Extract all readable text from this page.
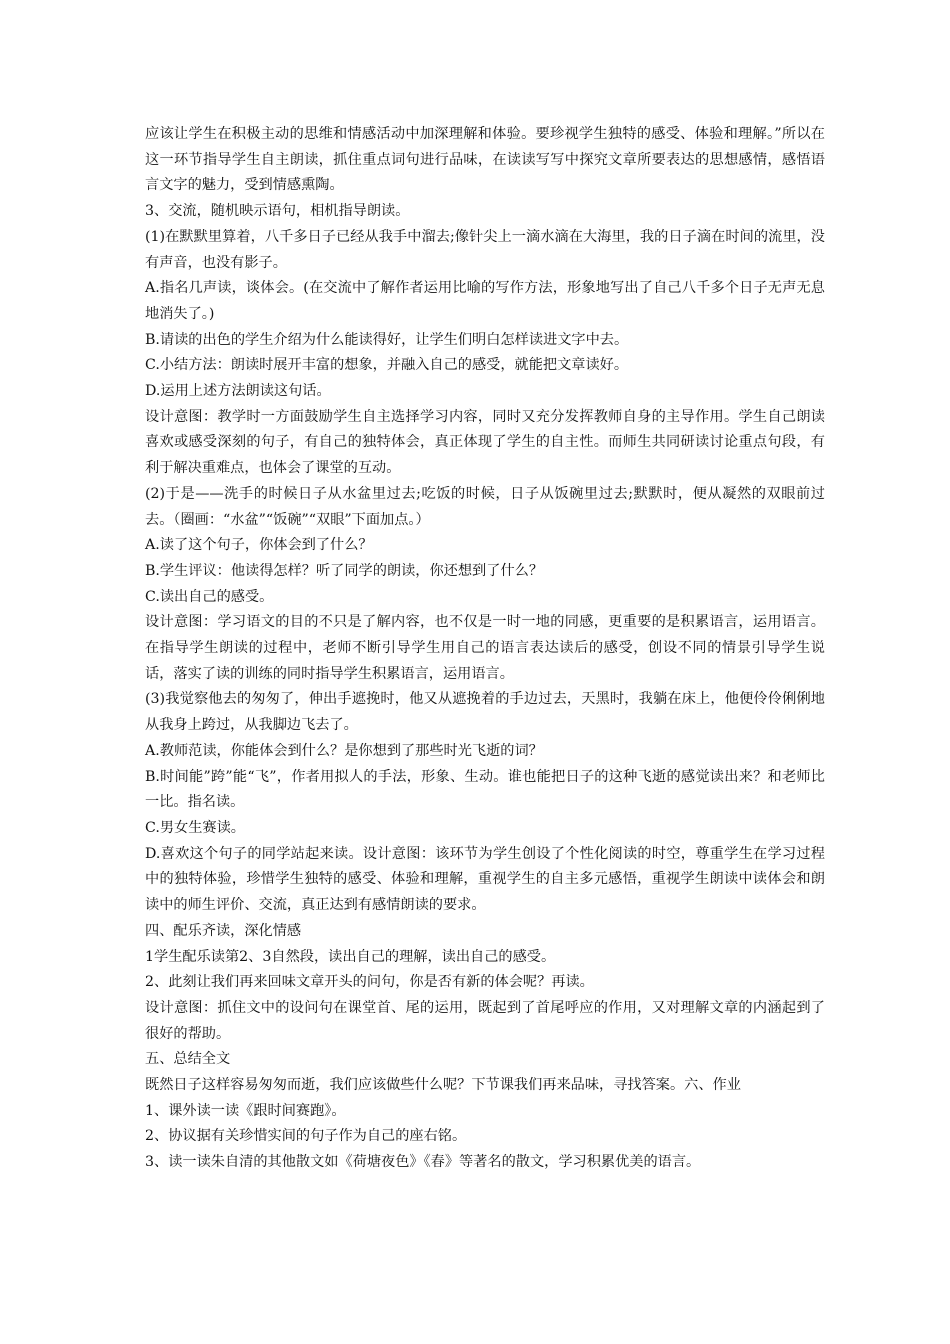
应该让学生在积极主动的思维和情感活动中加深理解和体验。要珍视学生独特的感受、体验和理解。”所以在这一环节指导学生自主朗读，抓住重点词句进行品味，在读读写写中探究文章所要表达的思想感情，感悟语言文字的魅力，受到情感熏陶。

3、交流，随机映示语句，相机指导朗读。

(1)在默默里算着，八千多日子已经从我手中溜去;像针尖上一滴水滴在大海里，我的日子滴在时间的流里，没有声音，也没有影子。

A.指名几声读，谈体会。(在交流中了解作者运用比喻的写作方法，形象地写出了自己八千多个日子无声无息地消失了。)

B.请读的出色的学生介绍为什么能读得好，让学生们明白怎样读进文字中去。

C.小结方法：朗读时展开丰富的想象，并融入自己的感受，就能把文章读好。

D.运用上述方法朗读这句话。

设计意图：教学时一方面鼓励学生自主选择学习内容，同时又充分发挥教师自身的主导作用。学生自己朗读喜欢或感受深刻的句子，有自己的独特体会，真正体现了学生的自主性。而师生共同研读讨论重点句段，有利于解决重难点，也体会了课堂的互动。

(2)于是——洗手的时候日子从水盆里过去;吃饭的时候，日子从饭碗里过去;默默时，便从凝然的双眼前过去。（圈画：“水盆”“饭碗”“双眼”下面加点。）

A.读了这个句子，你体会到了什么？

B.学生评议：他读得怎样？听了同学的朗读，你还想到了什么？

C.读出自己的感受。

设计意图：学习语文的目的不只是了解内容，也不仅是一时一地的同感，更重要的是积累语言，运用语言。在指导学生朗读的过程中，老师不断引导学生用自己的语言表达读后的感受，创设不同的情景引导学生说话，落实了读的训练的同时指导学生积累语言，运用语言。

(3)我觉察他去的匆匆了，伸出手遮挽时，他又从遮挽着的手边过去，天黑时，我躺在床上，他便伶伶俐俐地从我身上跨过，从我脚边飞去了。

A.教师范读，你能体会到什么？是你想到了那些时光飞逝的词？

B.时间能”跨”能“飞”，作者用拟人的手法，形象、生动。谁也能把日子的这种飞逝的感觉读出来？和老师比一比。指名读。

C.男女生赛读。

D.喜欢这个句子的同学站起来读。设计意图：该环节为学生创设了个性化阅读的时空，尊重学生在学习过程中的独特体验，珍惜学生独特的感受、体验和理解，重视学生的自主多元感悟，重视学生朗读中读体会和朗读中的师生评价、交流，真正达到有感情朗读的要求。

四、配乐齐读，深化情感

1学生配乐读第2、3自然段，读出自己的理解，读出自己的感受。

2、此刻让我们再来回味文章开头的问句，你是否有新的体会呢？再读。

设计意图：抓住文中的设问句在课堂首、尾的运用，既起到了首尾呼应的作用，又对理解文章的内涵起到了很好的帮助。

五、总结全文

既然日子这样容易匆匆而逝，我们应该做些什么呢？下节课我们再来品味，寻找答案。六、作业

1、课外读一读《跟时间赛跑》。

2、协议据有关珍惜实间的句子作为自己的座右铭。

3、读一读朱自清的其他散文如《荷塘夜色》《春》等著名的散文，学习积累优美的语言。
